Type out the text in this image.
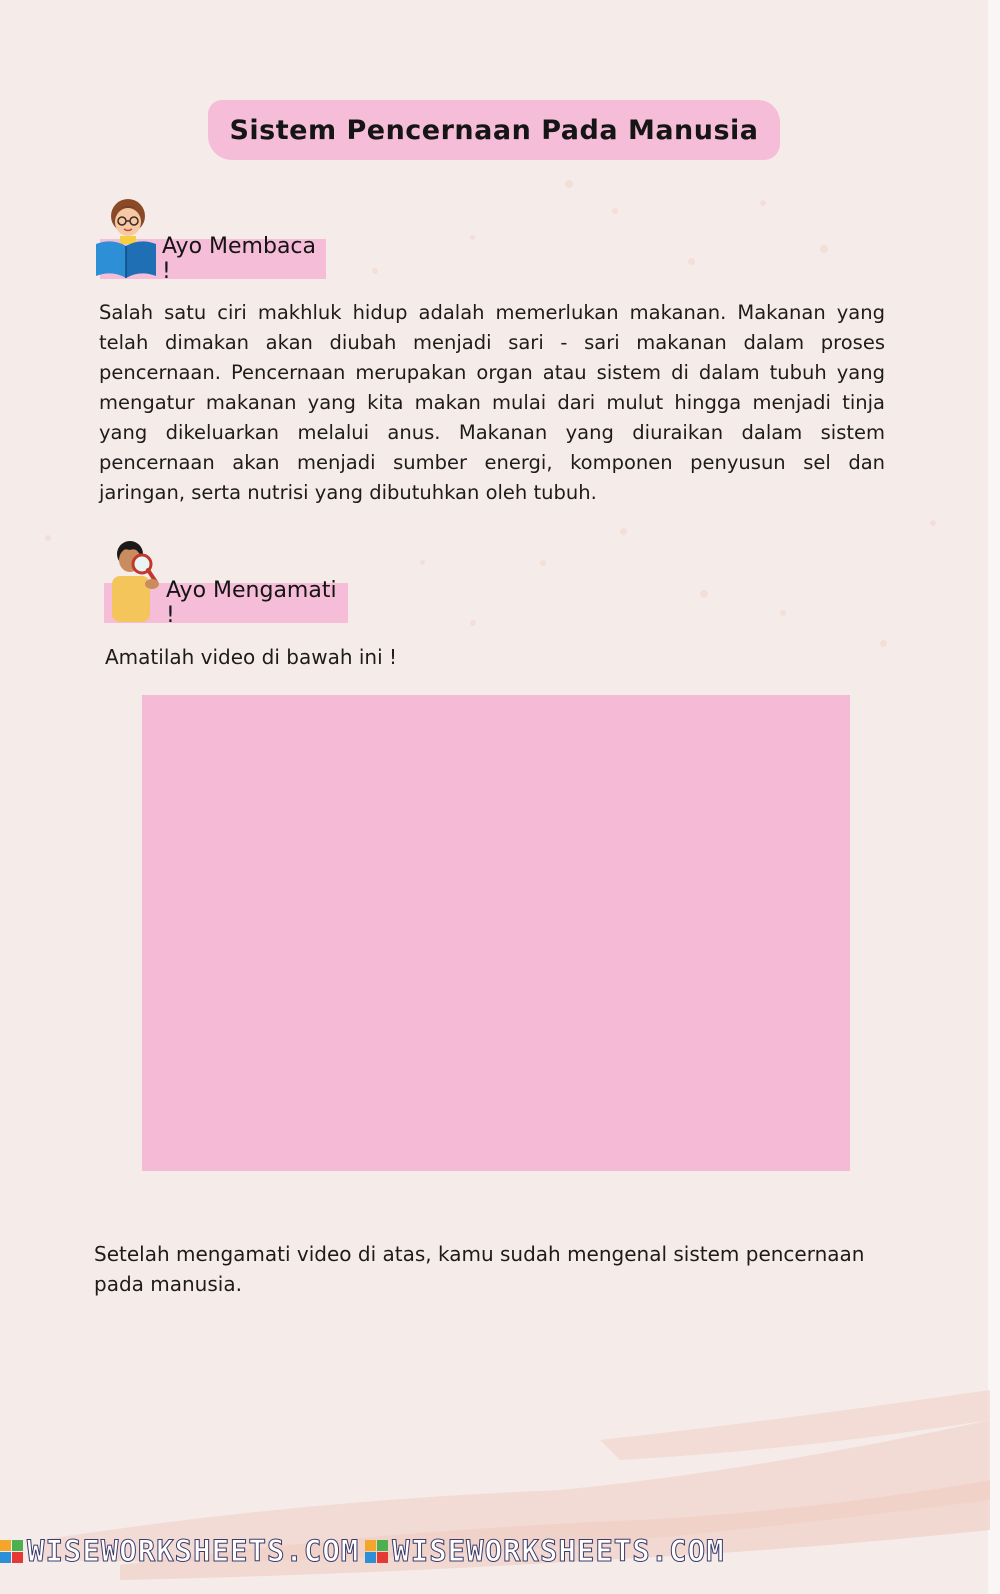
Sistem Pencernaan Pada Manusia
Ayo Membaca !

Salah satu ciri makhluk hidup adalah memerlukan makanan. Makanan yang telah dimakan akan diubah menjadi sari - sari makanan dalam proses pencernaan. Pencernaan merupakan organ atau sistem di dalam tubuh yang mengatur makanan yang kita makan mulai dari mulut hingga menjadi tinja yang dikeluarkan melalui anus. Makanan yang diuraikan dalam sistem pencernaan akan menjadi sumber energi, komponen penyusun sel dan jaringan, serta nutrisi yang dibutuhkan oleh tubuh.

Ayo Mengamati !

Amatilah video di bawah ini !

Setelah mengamati video di atas, kamu sudah mengenal sistem pencernaan pada manusia.

WISEWORKSHEETS.COM WISEWORKSHEETS.COM
